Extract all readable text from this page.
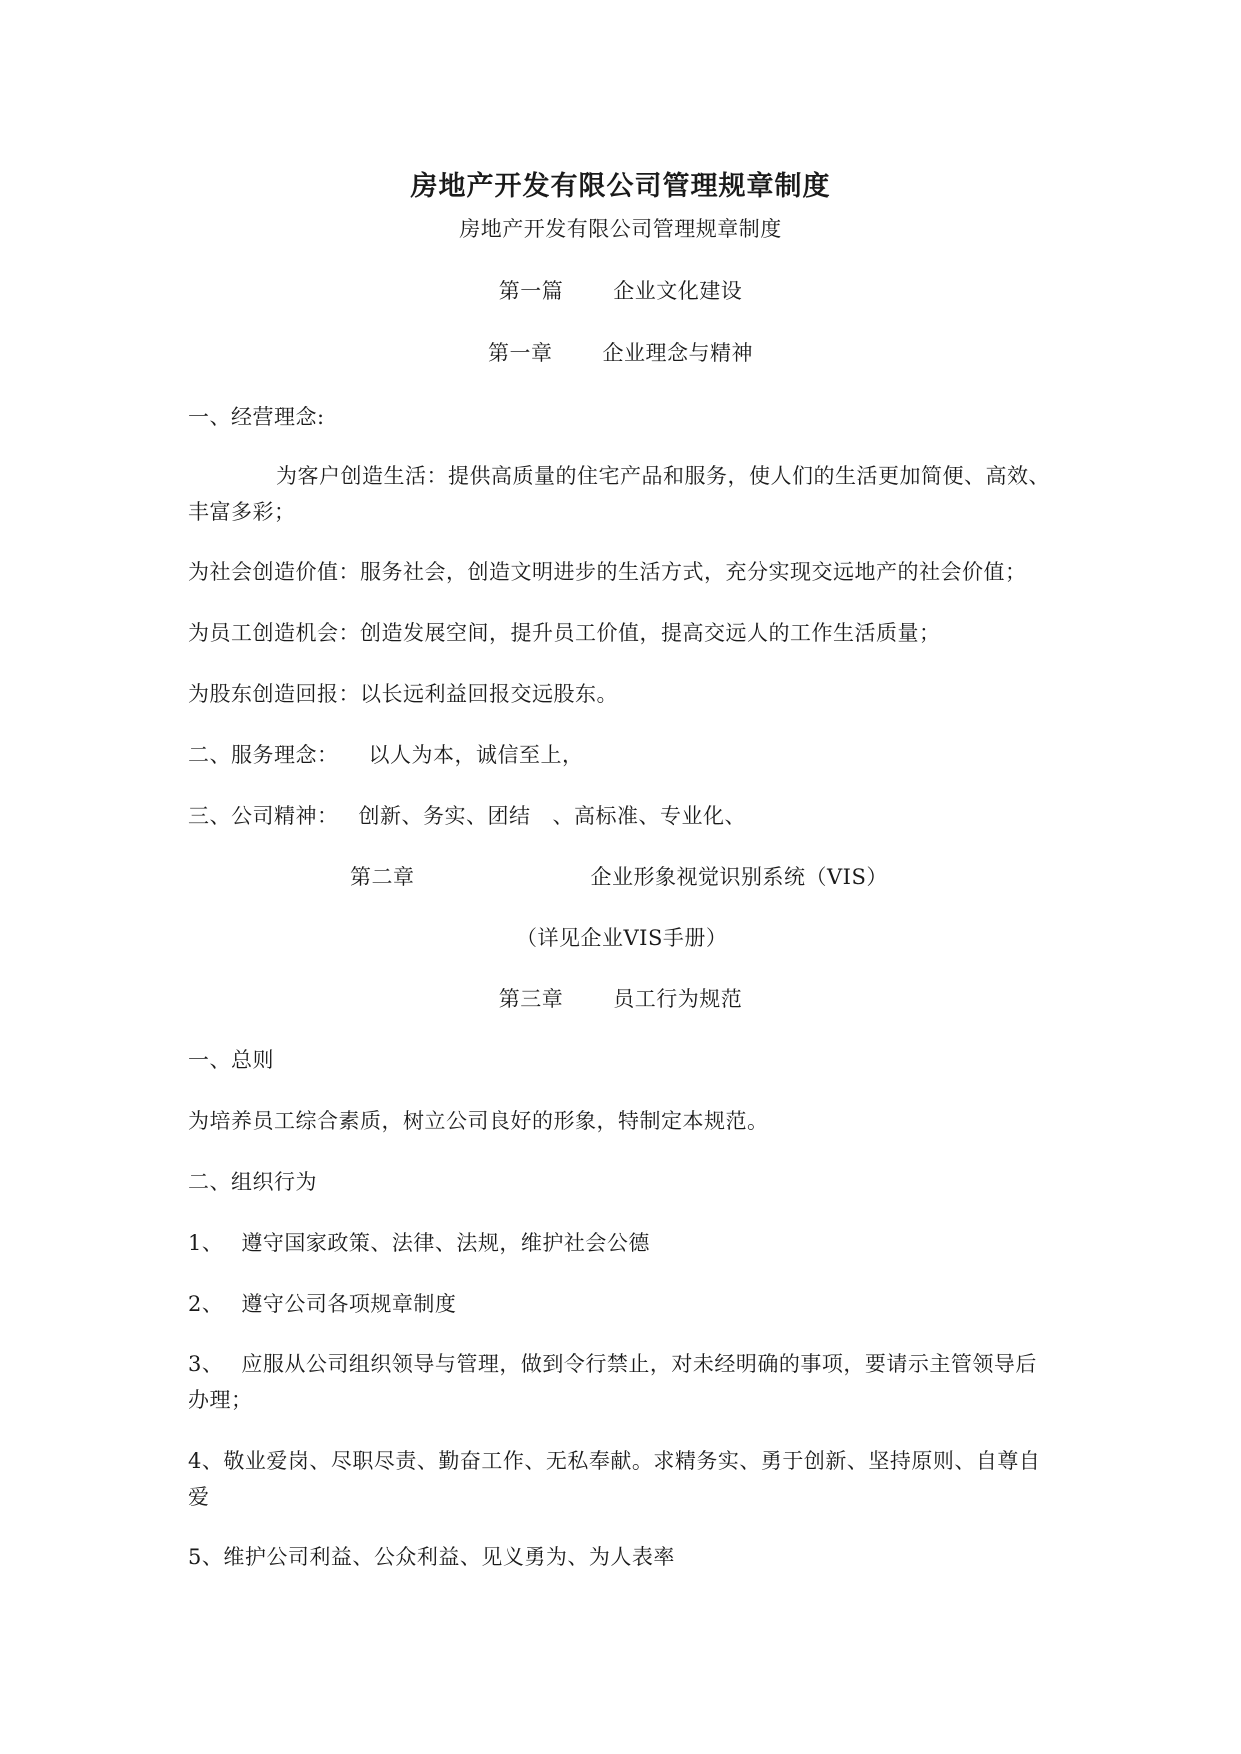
房地产开发有限公司管理规章制度
房地产开发有限公司管理规章制度
第一篇 企业文化建设
第一章 企业理念与精神
一、经营理念:
为客户创造生活：提供高质量的住宅产品和服务，使人们的生活更加简便、高效、丰富多彩；
为社会创造价值：服务社会，创造文明进步的生活方式，充分实现交远地产的社会价值；
为员工创造机会：创造发展空间，提升员工价值，提高交远人的工作生活质量；
为股东创造回报：以长远利益回报交远股东。
二、服务理念： 以人为本，诚信至上，
三、公司精神： 创新、务实、团结 、高标准、专业化、
第二章	企业形象视觉识别系统（VIS）
（详见企业VIS手册）
第三章 员工行为规范
一、总则
为培养员工综合素质，树立公司良好的形象，特制定本规范。
二、组织行为
1、 遵守国家政策、法律、法规，维护社会公德
2、 遵守公司各项规章制度
3、 应服从公司组织领导与管理，做到令行禁止，对未经明确的事项，要请示主管领导后办理；
4、敬业爱岗、尽职尽责、勤奋工作、无私奉献。求精务实、勇于创新、坚持原则、自尊自爱
5、维护公司利益、公众利益、见义勇为、为人表率
